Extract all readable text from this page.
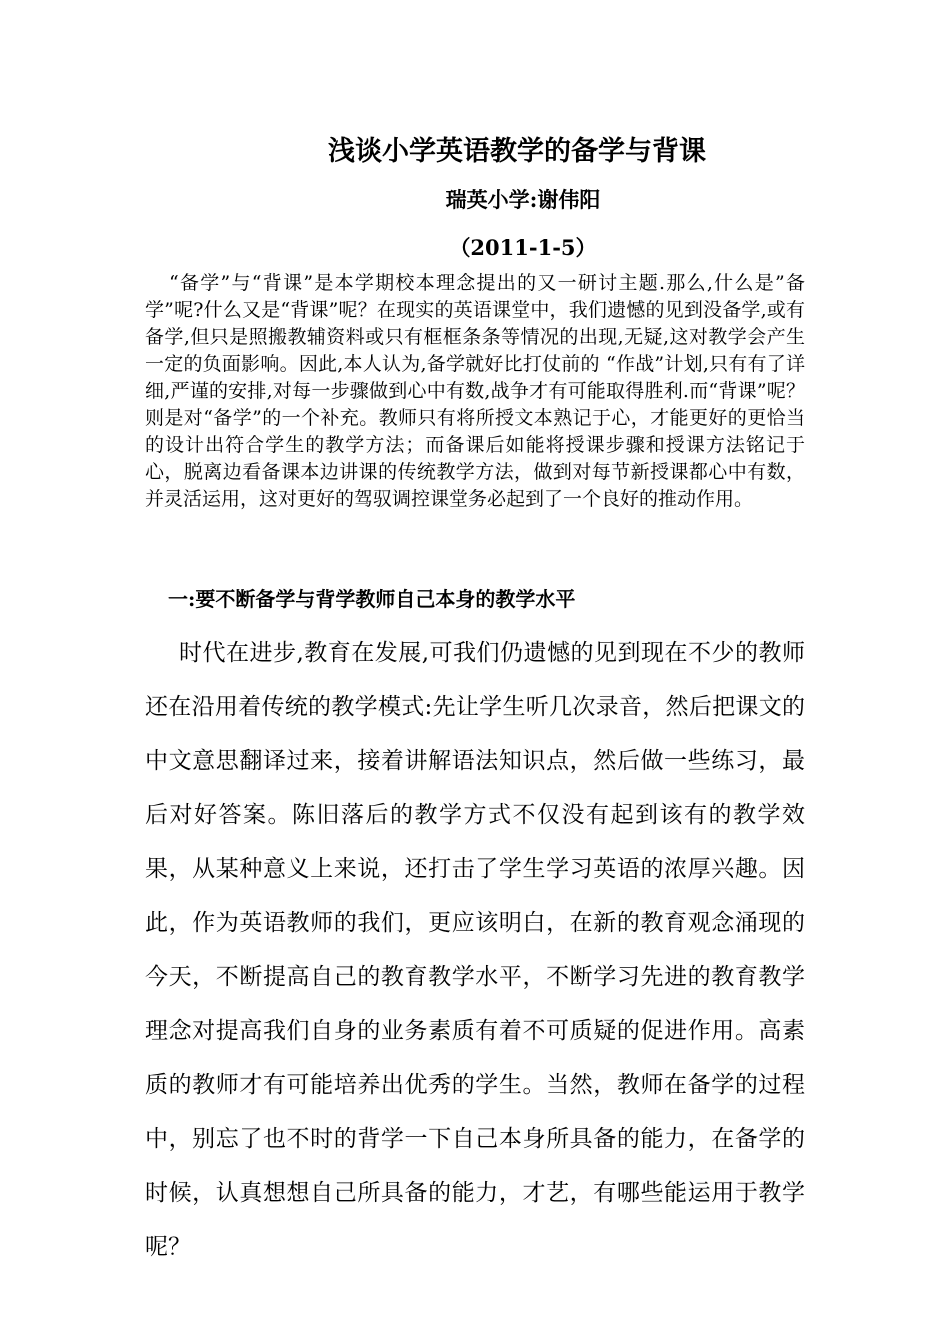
浅谈小学英语教学的备学与背课
瑞英小学:谢伟阳
（2011-1-5）

“备学”与“背课”是本学期校本理念提出的又一研讨主题.那么,什么是”备学”呢?什么又是“背课”呢？在现实的英语课堂中，我们遗憾的见到没备学,或有备学,但只是照搬教辅资料或只有框框条条等情况的出现,无疑,这对教学会产生一定的负面影响。因此,本人认为,备学就好比打仗前的 “作战”计划,只有有了详细,严谨的安排,对每一步骤做到心中有数,战争才有可能取得胜利.而“背课”呢？则是对“备学”的一个补充。教师只有将所授文本熟记于心，才能更好的更恰当的设计出符合学生的教学方法；而备课后如能将授课步骤和授课方法铭记于心，脱离边看备课本边讲课的传统教学方法，做到对每节新授课都心中有数，并灵活运用，这对更好的驾驭调控课堂务必起到了一个良好的推动作用。

一:要不断备学与背学教师自己本身的教学水平

时代在进步,教育在发展,可我们仍遗憾的见到现在不少的教师还在沿用着传统的教学模式:先让学生听几次录音，然后把课文的中文意思翻译过来，接着讲解语法知识点，然后做一些练习，最后对好答案。陈旧落后的教学方式不仅没有起到该有的教学效果，从某种意义上来说，还打击了学生学习英语的浓厚兴趣。因此，作为英语教师的我们，更应该明白，在新的教育观念涌现的今天，不断提高自己的教育教学水平，不断学习先进的教育教学理念对提高我们自身的业务素质有着不可质疑的促进作用。高素质的教师才有可能培养出优秀的学生。当然，教师在备学的过程中，别忘了也不时的背学一下自己本身所具备的能力，在备学的时候，认真想想自己所具备的能力，才艺，有哪些能运用于教学呢？
